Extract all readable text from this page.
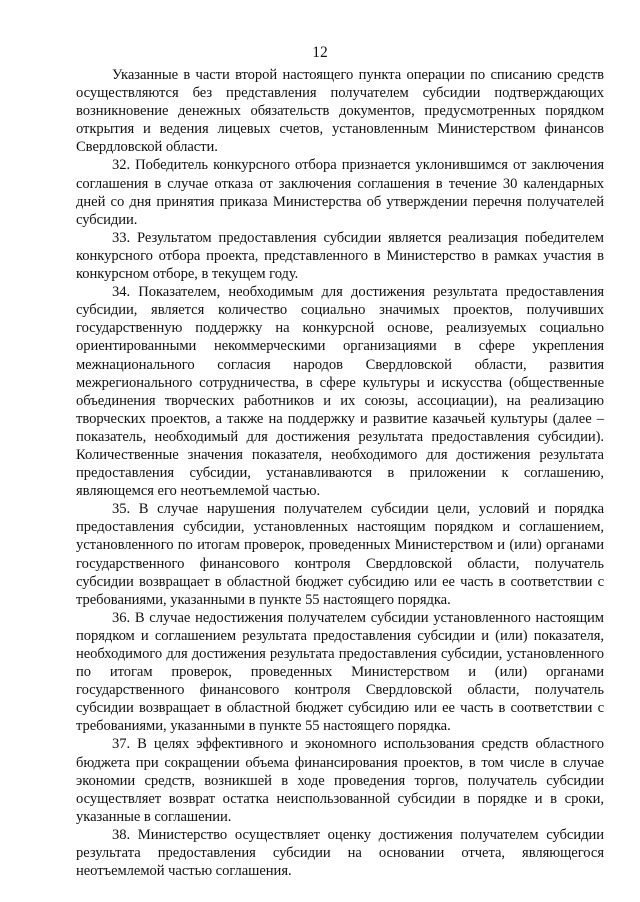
12

Указанные в части второй настоящего пункта операции по списанию средств осуществляются без представления получателем субсидии подтверждающих возникновение денежных обязательств документов, предусмотренных порядком открытия и ведения лицевых счетов, установленным Министерством финансов Свердловской области.

32. Победитель конкурсного отбора признается уклонившимся от заключения соглашения в случае отказа от заключения соглашения в течение 30 календарных дней со дня принятия приказа Министерства об утверждении перечня получателей субсидии.

33. Результатом предоставления субсидии является реализация победителем конкурсного отбора проекта, представленного в Министерство в рамках участия в конкурсном отборе, в текущем году.

34. Показателем, необходимым для достижения результата предоставления субсидии, является количество социально значимых проектов, получивших государственную поддержку на конкурсной основе, реализуемых социально ориентированными некоммерческими организациями в сфере укрепления межнационального согласия народов Свердловской области, развития межрегионального сотрудничества, в сфере культуры и искусства (общественные объединения творческих работников и их союзы, ассоциации), на реализацию творческих проектов, а также на поддержку и развитие казачьей культуры (далее – показатель, необходимый для достижения результата предоставления субсидии). Количественные значения показателя, необходимого для достижения результата предоставления субсидии, устанавливаются в приложении к соглашению, являющемся его неотъемлемой частью.

35. В случае нарушения получателем субсидии цели, условий и порядка предоставления субсидии, установленных настоящим порядком и соглашением, установленного по итогам проверок, проведенных Министерством и (или) органами государственного финансового контроля Свердловской области, получатель субсидии возвращает в областной бюджет субсидию или ее часть в соответствии с требованиями, указанными в пункте 55 настоящего порядка.

36. В случае недостижения получателем субсидии установленного настоящим порядком и соглашением результата предоставления субсидии и (или) показателя, необходимого для достижения результата предоставления субсидии, установленного по итогам проверок, проведенных Министерством и (или) органами государственного финансового контроля Свердловской области, получатель субсидии возвращает в областной бюджет субсидию или ее часть в соответствии с требованиями, указанными в пункте 55 настоящего порядка.

37. В целях эффективного и экономного использования средств областного бюджета при сокращении объема финансирования проектов, в том числе в случае экономии средств, возникшей в ходе проведения торгов, получатель субсидии осуществляет возврат остатка неиспользованной субсидии в порядке и в сроки, указанные в соглашении.

38. Министерство осуществляет оценку достижения получателем субсидии результата предоставления субсидии на основании отчета, являющегося неотъемлемой частью соглашения.
